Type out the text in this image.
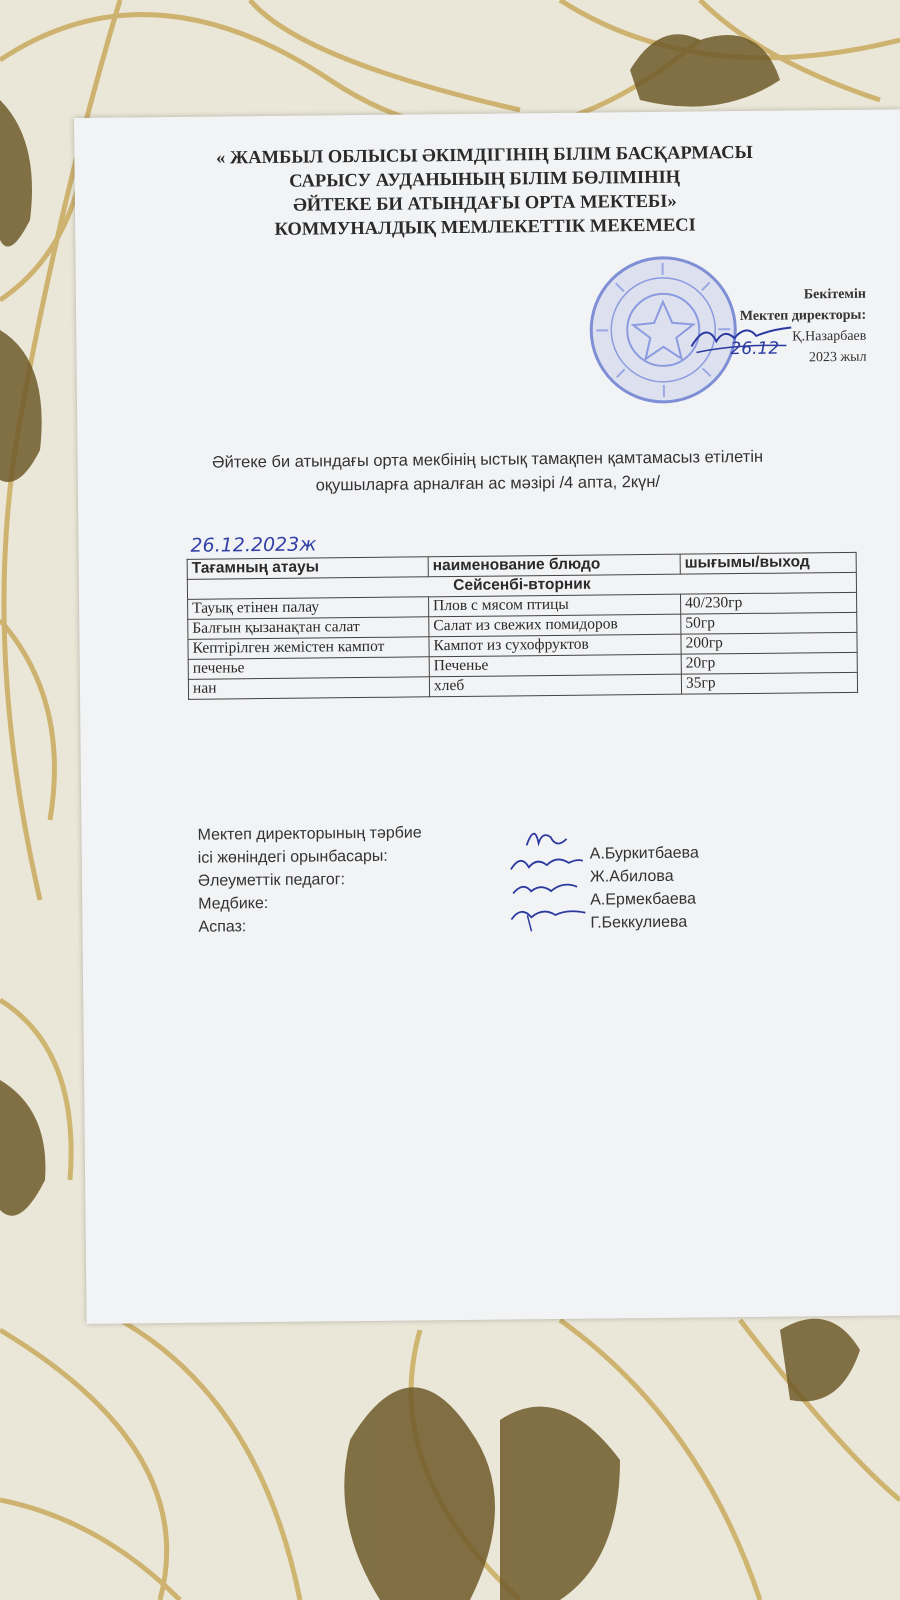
« ЖАМБЫЛ ОБЛЫСЫ ӘКІМДІГІНІҢ БІЛІМ БАСҚАРМАСЫ
САРЫСУ АУДАНЫНЫҢ БІЛІМ БӨЛІМІНІҢ
ӘЙТЕКЕ БИ АТЫНДАҒЫ ОРТА МЕКТЕБІ»
КОММУНАЛДЫҚ МЕМЛЕКЕТТІК МЕКЕМЕСІ
Бекітемін
Мектеп директоры:
Қ.Назарбаев
2023 жыл
26.12
Әйтеке би атындағы орта мекбінің ыстық тамақпен қамтамасыз етілетін
оқушыларға арналған ас мәзірі /4 апта, 2күн/
26.12.2023ж
Тағамның атауы	наименование блюдо	шығымы/выход
Сейсенбі-вторник		
Тауық етінен палау	Плов с мясом птицы	40/230гр
Балғын қызанақтан салат	Салат из свежих помидоров	50гр
Кептірілген жемістен кампот	Кампот из сухофруктов	200гр
печенье	Печенье	20гр
нан	хлеб	35гр
Мектеп директорының тәрбие
ісі жөніндегі орынбасары:	А.Буркитбаева
Әлеуметтік педагог:	Ж.Абилова
Медбике:	А.Ермекбаева
Аспаз:	Г.Беккулиева
